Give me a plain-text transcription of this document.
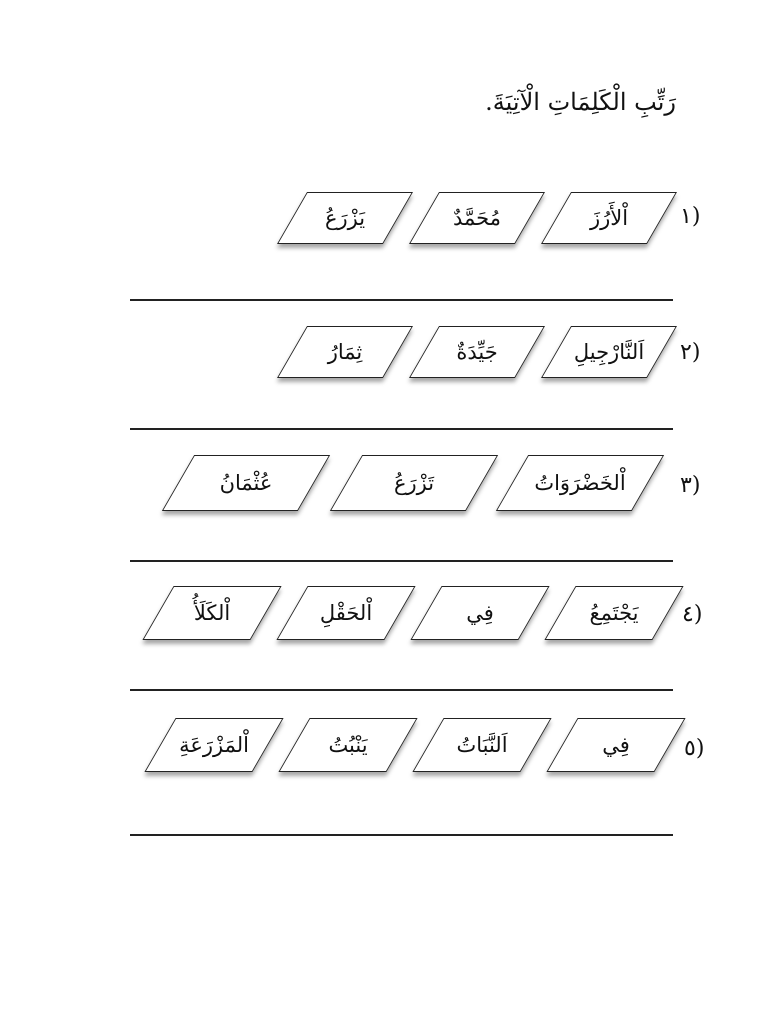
رَتِّبِ الْكَلِمَاتِ الْآتِيَةَ.
١)
اْلأَرُزَ
مُحَمَّدٌ
يَزْرَعُ
٢)
اَلنَّارْجِيلِ
جَيِّدَةٌ
ثِمَارُ
٣)
اْلخَضْرَوَاتُ
تَزْرَعُ
عُثْمَانُ
٤)
يَجْتَمِعُ
فِي
اْلحَقْلِ
اْلكَلَأُ
٥)
فِي
اَلنَّبَاتُ
يَنْبُتُ
اْلمَزْرَعَةِ
